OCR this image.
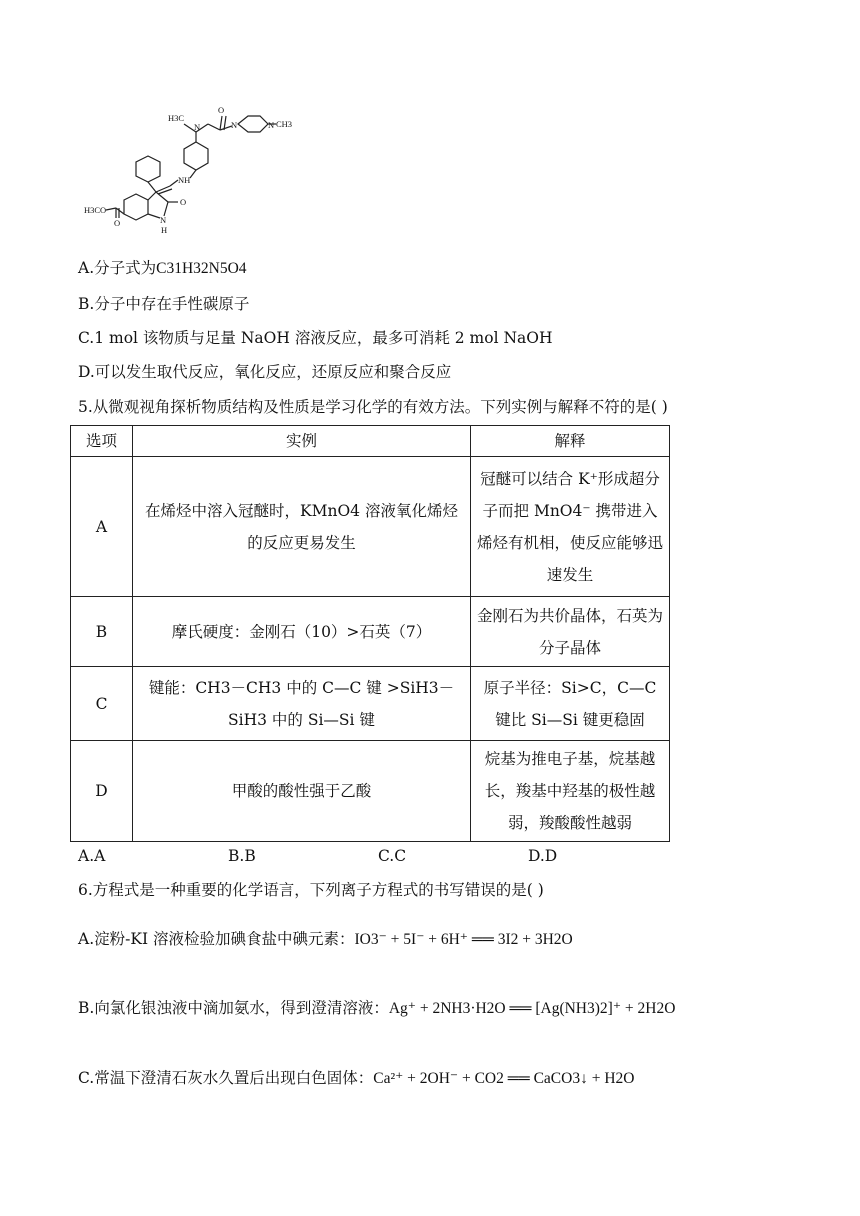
H3C
N
O
N	N CH3
NH
H3CO
O
O
N
H
A.分子式为C31H32N5O4
B.分子中存在手性碳原子
C.1 mol 该物质与足量 NaOH 溶液反应，最多可消耗 2 mol NaOH
D.可以发生取代反应，氧化反应，还原反应和聚合反应
5.从微观视角探析物质结构及性质是学习化学的有效方法。下列实例与解释不符的是( )
选项	实例	解释
A	在烯烃中溶入冠醚时，KMnO4 溶液氧化烯烃的反应更易发生	冠醚可以结合 K⁺形成超分子而把 MnO4⁻ 携带进入烯烃有机相，使反应能够迅速发生
B	摩氏硬度：金刚石（10）>石英（7）	金刚石为共价晶体，石英为分子晶体
C	键能：CH3－CH3 中的 C—C 键 >SiH3－SiH3 中的 Si—Si 键	原子半径：Si>C，C—C 键比 Si—Si 键更稳固
D	甲酸的酸性强于乙酸	烷基为推电子基，烷基越长，羧基中羟基的极性越弱，羧酸酸性越弱
A.A	B.B	C.C	D.D
6.方程式是一种重要的化学语言，下列离子方程式的书写错误的是( )
A.淀粉-KI 溶液检验加碘食盐中碘元素：IO3⁻ + 5I⁻ + 6H⁺ ══ 3I2 + 3H2O
B.向氯化银浊液中滴加氨水，得到澄清溶液：Ag⁺ + 2NH3·H2O ══ [Ag(NH3)2]⁺ + 2H2O
C.常温下澄清石灰水久置后出现白色固体：Ca²⁺ + 2OH⁻ + CO2 ══ CaCO3↓ + H2O
